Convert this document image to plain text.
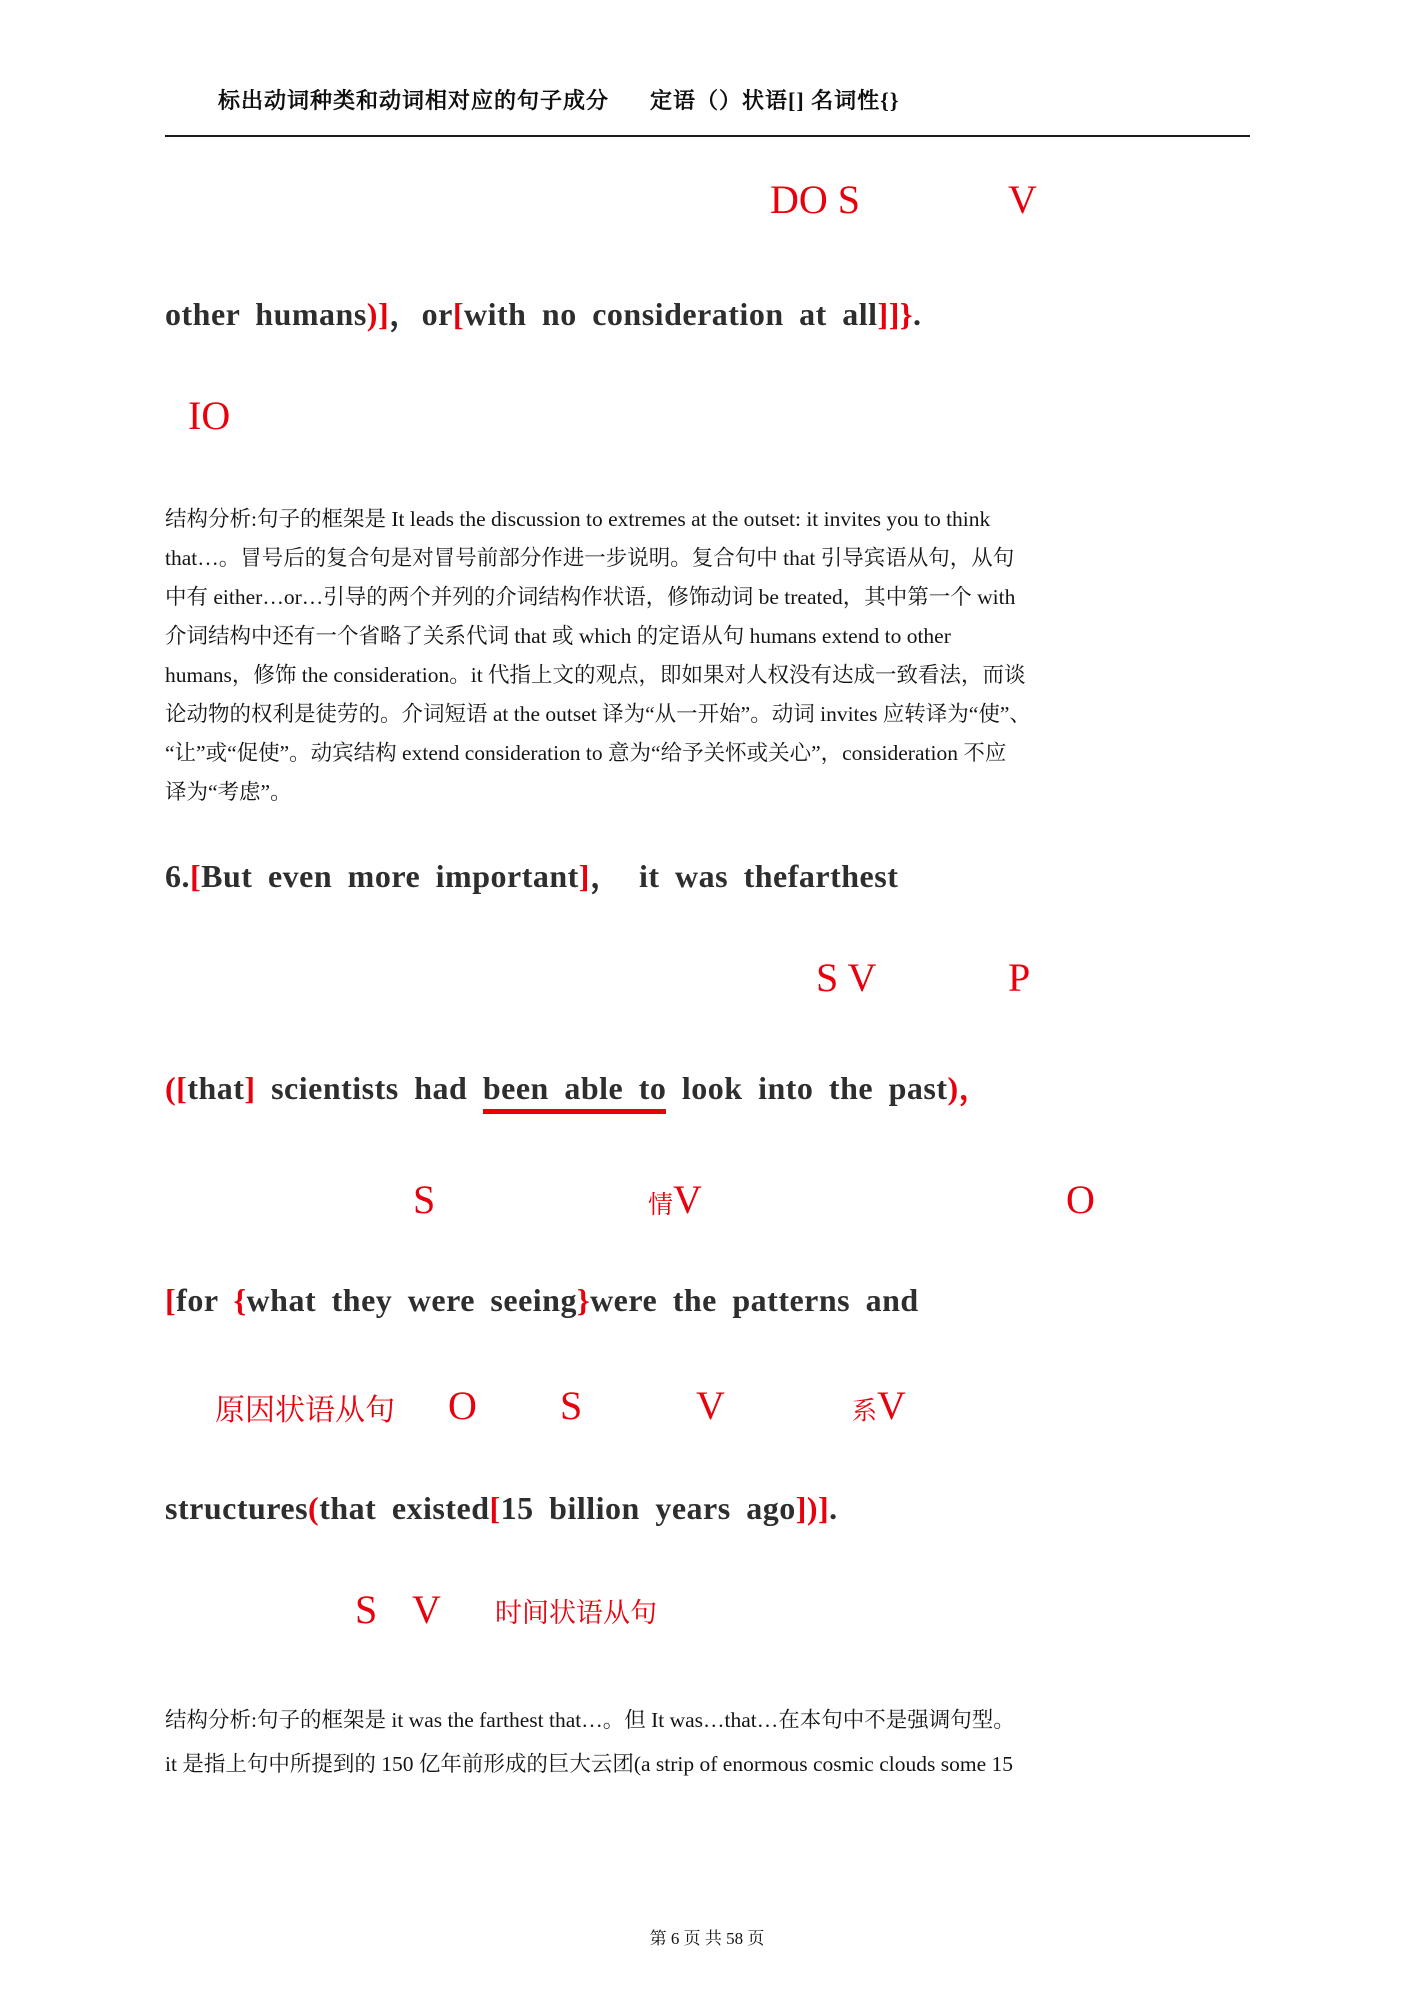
标出动词种类和动词相对应的句子成分 定语（）状语[] 名词性{}
DO S	V
other humans)]，or[with no consideration at all]]}.
IO
结构分析:句子的框架是 It leads the discussion to extremes at the outset: it invites you to think
that…。冒号后的复合句是对冒号前部分作进一步说明。复合句中 that 引导宾语从句，从句
中有 either…or…引导的两个并列的介词结构作状语，修饰动词 be treated，其中第一个 with
介词结构中还有一个省略了关系代词 that 或 which 的定语从句 humans extend to other
humans，修饰 the consideration。it 代指上文的观点，即如果对人权没有达成一致看法，而谈
论动物的权利是徒劳的。介词短语 at the outset 译为“从一开始”。动词 invites 应转译为“使”、
“让”或“促使”。动宾结构 extend consideration to 意为“给予关怀或关心”，consideration 不应
译为“考虑”。
6.[But even more important]，　it was thefarthest
S V	P
([that] scientists had been able to look into the past)，
S	情V	O
[for {what they were seeing}were the patterns and
原因状语从句 O S	V	系V
structures(that existed[15 billion years ago])].
S V 时间状语从句
结构分析:句子的框架是 it was the farthest that…。但 It was…that…在本句中不是强调句型。
it 是指上句中所提到的 150 亿年前形成的巨大云团(a strip of enormous cosmic clouds some 15
第 6 页 共 58 页
